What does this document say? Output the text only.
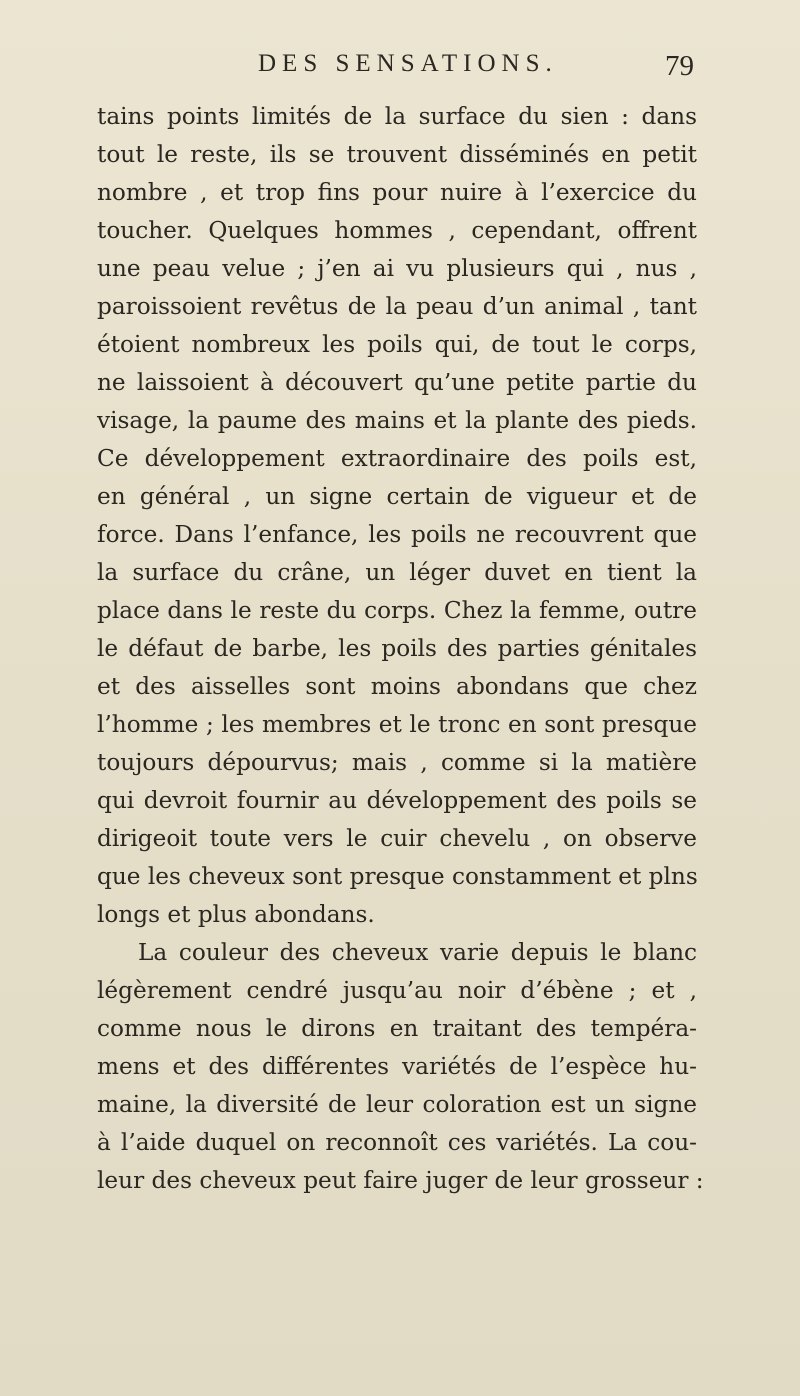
DES SENSATIONS.	79
tains points limités de la surface du sien : dans
tout le reste, ils se trouvent disséminés en petit
nombre , et trop fins pour nuire à l’exercice du
toucher. Quelques hommes , cependant, offrent
une peau velue ; j’en ai vu plusieurs qui , nus ,
paroissoient revêtus de la peau d’un animal , tant
étoient nombreux les poils qui, de tout le corps,
ne laissoient à découvert qu’une petite partie du
visage, la paume des mains et la plante des pieds.
Ce développement extraordinaire des poils est,
en général , un signe certain de vigueur et de
force. Dans l’enfance, les poils ne recouvrent que
la surface du crâne, un léger duvet en tient la
place dans le reste du corps. Chez la femme, outre
le défaut de barbe, les poils des parties génitales
et des aisselles sont moins abondans que chez
l’homme ; les membres et le tronc en sont presque
toujours dépourvus; mais , comme si la matière
qui devroit fournir au développement des poils se
dirigeoit toute vers le cuir chevelu , on observe
que les cheveux sont presque constamment et plns
longs et plus abondans.
La couleur des cheveux varie depuis le blanc
légèrement cendré jusqu’au noir d’ébène ; et ,
comme nous le dirons en traitant des tempéra-
mens et des différentes variétés de l’espèce hu-
maine, la diversité de leur coloration est un signe
à l’aide duquel on reconnoît ces variétés. La cou-
leur des cheveux peut faire juger de leur grosseur :
